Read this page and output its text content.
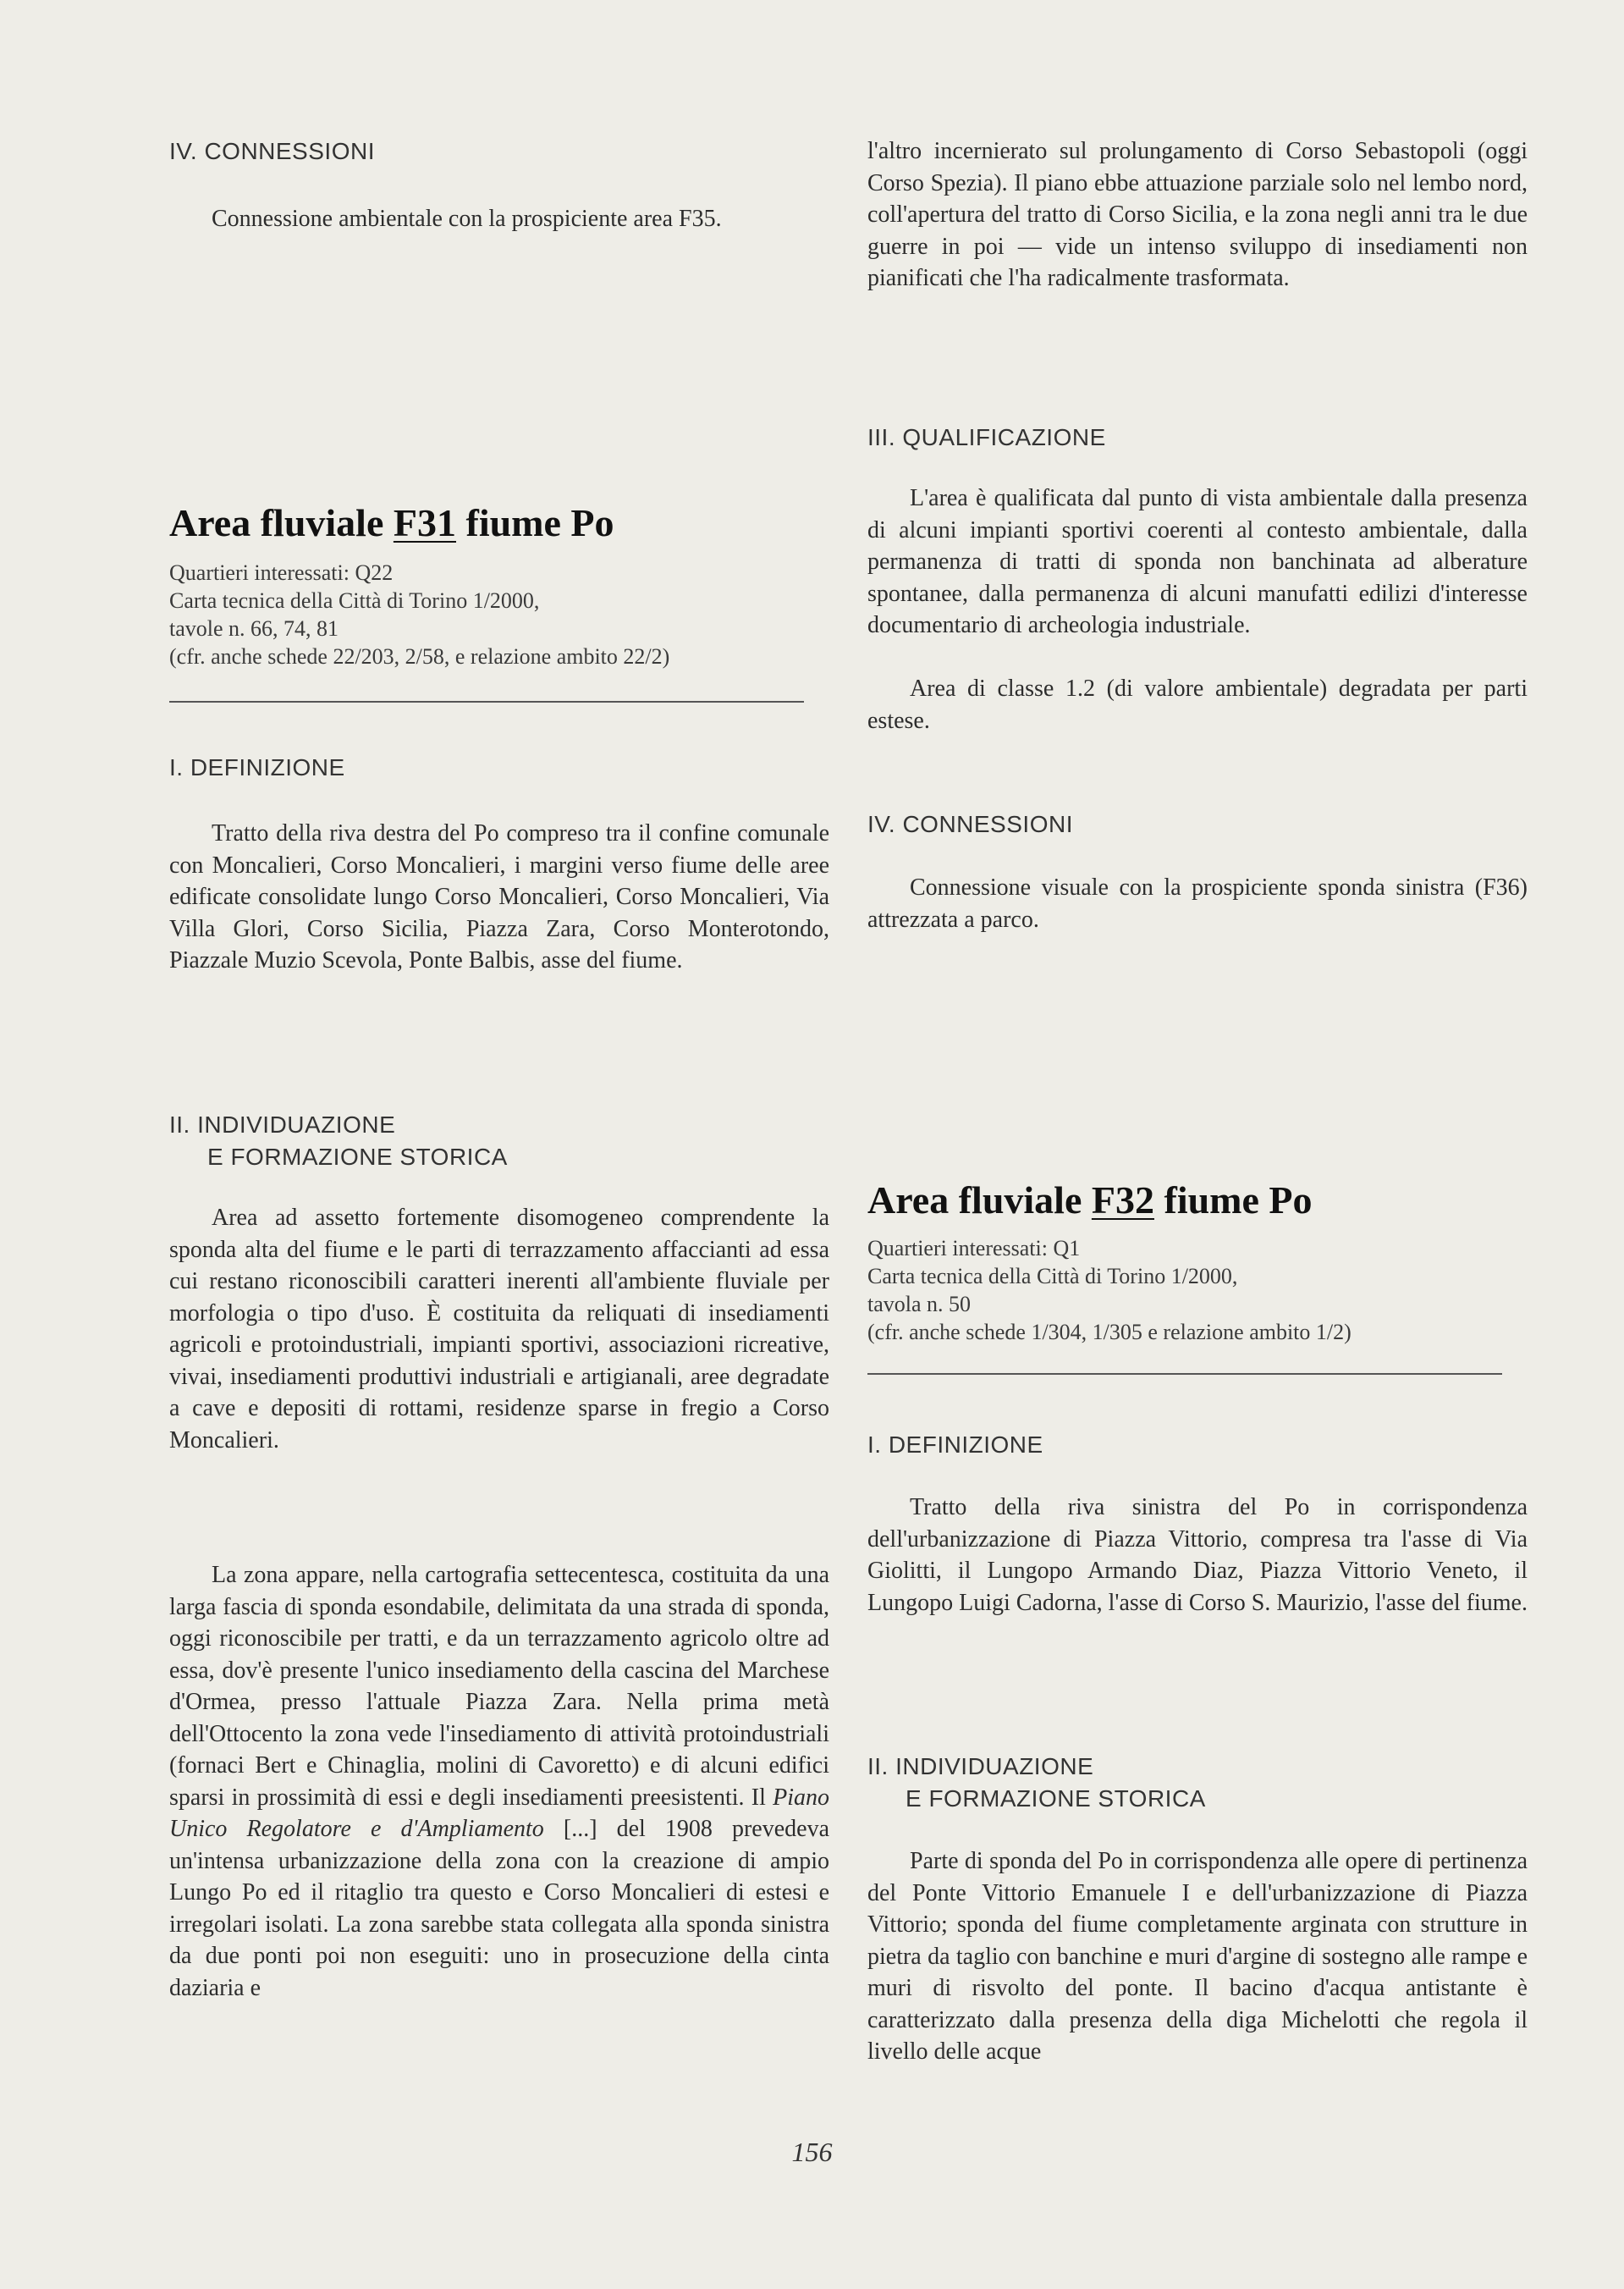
IV. CONNESSIONI

Connessione ambientale con la prospiciente area F35.

Area fluviale F31 fiume Po
Quartieri interessati: Q22
Carta tecnica della Città di Torino 1/2000,
tavole n. 66, 74, 81
(cfr. anche schede 22/203, 2/58, e relazione ambito 22/2)
I. DEFINIZIONE

Tratto della riva destra del Po compreso tra il confine comunale con Moncalieri, Corso Moncalieri, i margini verso fiume delle aree edificate consolidate lungo Corso Moncalieri, Corso Moncalieri, Via Villa Glori, Corso Sicilia, Piazza Zara, Corso Monterotondo, Piazzale Muzio Scevola, Ponte Balbis, asse del fiume.

II. INDIVIDUAZIONE
E FORMAZIONE STORICA

Area ad assetto fortemente disomogeneo comprendente la sponda alta del fiume e le parti di terrazzamento affaccianti ad essa cui restano riconoscibili caratteri inerenti all'ambiente fluviale per morfologia o tipo d'uso. È costituita da reliquati di insediamenti agricoli e protoindustriali, impianti sportivi, associazioni ricreative, vivai, insediamenti produttivi industriali e artigianali, aree degradate a cave e depositi di rottami, residenze sparse in fregio a Corso Moncalieri.

La zona appare, nella cartografia settecentesca, costituita da una larga fascia di sponda esondabile, delimitata da una strada di sponda, oggi riconoscibile per tratti, e da un terrazzamento agricolo oltre ad essa, dov'è presente l'unico insediamento della cascina del Marchese d'Ormea, presso l'attuale Piazza Zara. Nella prima metà dell'Ottocento la zona vede l'insediamento di attività protoindustriali (fornaci Bert e Chinaglia, molini di Cavoretto) e di alcuni edifici sparsi in prossimità di essi e degli insediamenti preesistenti. Il Piano Unico Regolatore e d'Ampliamento [...] del 1908 prevedeva un'intensa urbanizzazione della zona con la creazione di ampio Lungo Po ed il ritaglio tra questo e Corso Moncalieri di estesi e irregolari isolati. La zona sarebbe stata collegata alla sponda sinistra da due ponti poi non eseguiti: uno in prosecuzione della cinta daziaria e

l'altro incernierato sul prolungamento di Corso Sebastopoli (oggi Corso Spezia). Il piano ebbe attuazione parziale solo nel lembo nord, coll'apertura del tratto di Corso Sicilia, e la zona negli anni tra le due guerre in poi — vide un intenso sviluppo di insediamenti non pianificati che l'ha radicalmente trasformata.

III. QUALIFICAZIONE

L'area è qualificata dal punto di vista ambientale dalla presenza di alcuni impianti sportivi coerenti al contesto ambientale, dalla permanenza di tratti di sponda non banchinata ad alberature spontanee, dalla permanenza di alcuni manufatti edilizi d'interesse documentario di archeologia industriale.

Area di classe 1.2 (di valore ambientale) degradata per parti estese.

IV. CONNESSIONI

Connessione visuale con la prospiciente sponda sinistra (F36) attrezzata a parco.

Area fluviale F32 fiume Po
Quartieri interessati: Q1
Carta tecnica della Città di Torino 1/2000,
tavola n. 50
(cfr. anche schede 1/304, 1/305 e relazione ambito 1/2)
I. DEFINIZIONE

Tratto della riva sinistra del Po in corrispondenza dell'urbanizzazione di Piazza Vittorio, compresa tra l'asse di Via Giolitti, il Lungopo Armando Diaz, Piazza Vittorio Veneto, il Lungopo Luigi Cadorna, l'asse di Corso S. Maurizio, l'asse del fiume.

II. INDIVIDUAZIONE
E FORMAZIONE STORICA

Parte di sponda del Po in corrispondenza alle opere di pertinenza del Ponte Vittorio Emanuele I e dell'urbanizzazione di Piazza Vittorio; sponda del fiume completamente arginata con strutture in pietra da taglio con banchine e muri d'argine di sostegno alle rampe e muri di risvolto del ponte. Il bacino d'acqua antistante è caratterizzato dalla presenza della diga Michelotti che regola il livello delle acque

156
